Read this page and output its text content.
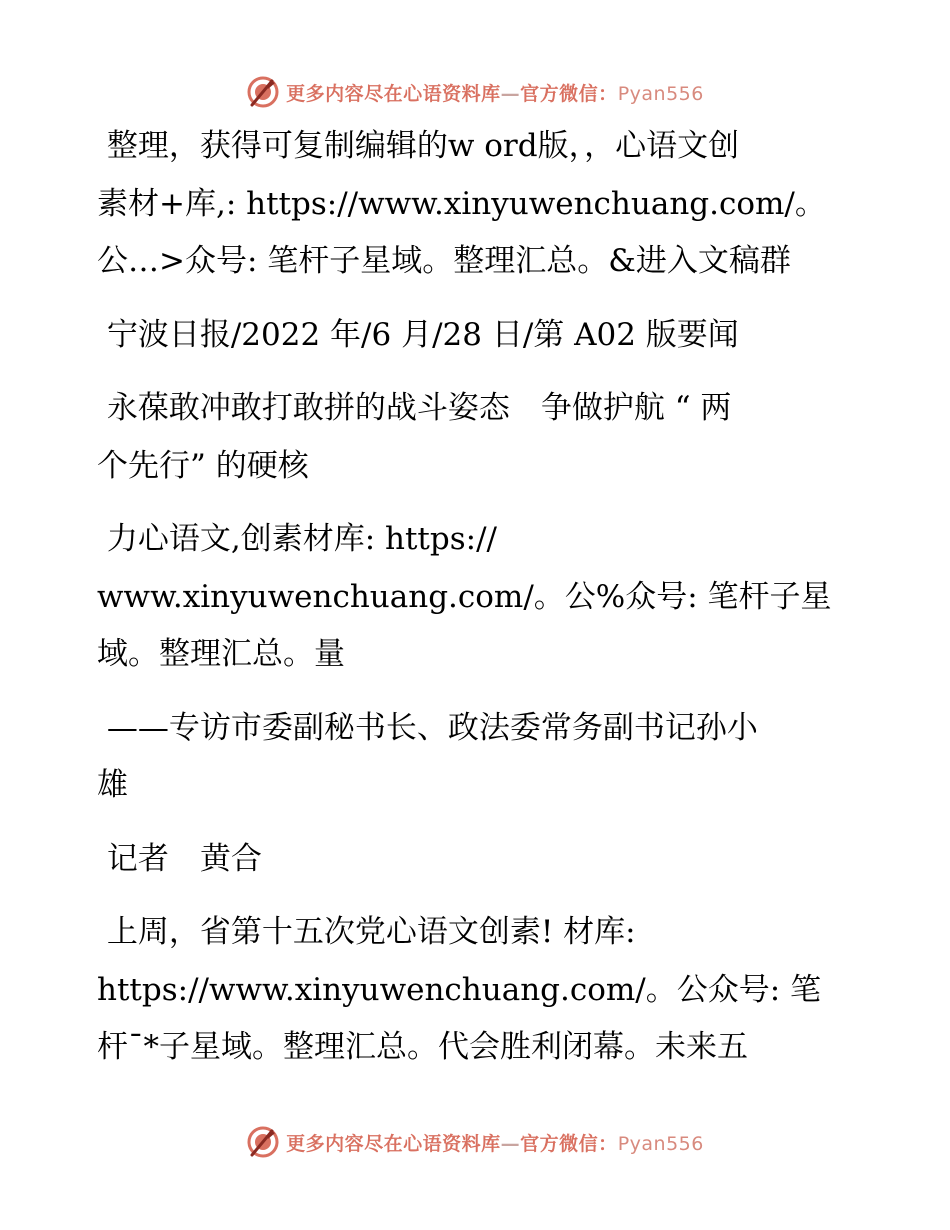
更多内容尽在心语资料库—官方微信：Pyan556

整理，获得可复制编辑的w ord版，，心语文创
素材+库,: https://www.xinyuwenchuang.com/。
公…>众号: 笔杆子星域。整理汇总。&进入文稿群

宁波日报/2022 年/6 月/28 日/第 A02 版要闻

永葆敢冲敢打敢拼的战斗姿态　争做护航 “ 两
个先行” 的硬核

力心语文,创素材库: https://
www.xinyuwenchuang.com/。公%众号: 笔杆子星
域。整理汇总。量

——专访市委副秘书长、政法委常务副书记孙小
雄

记者　黄合

上周，省第十五次党心语文创素! 材库:
https://www.xinyuwenchuang.com/。公众号: 笔
杆¯*子星域。整理汇总。代会胜利闭幕。未来五

更多内容尽在心语资料库—官方微信：Pyan556
